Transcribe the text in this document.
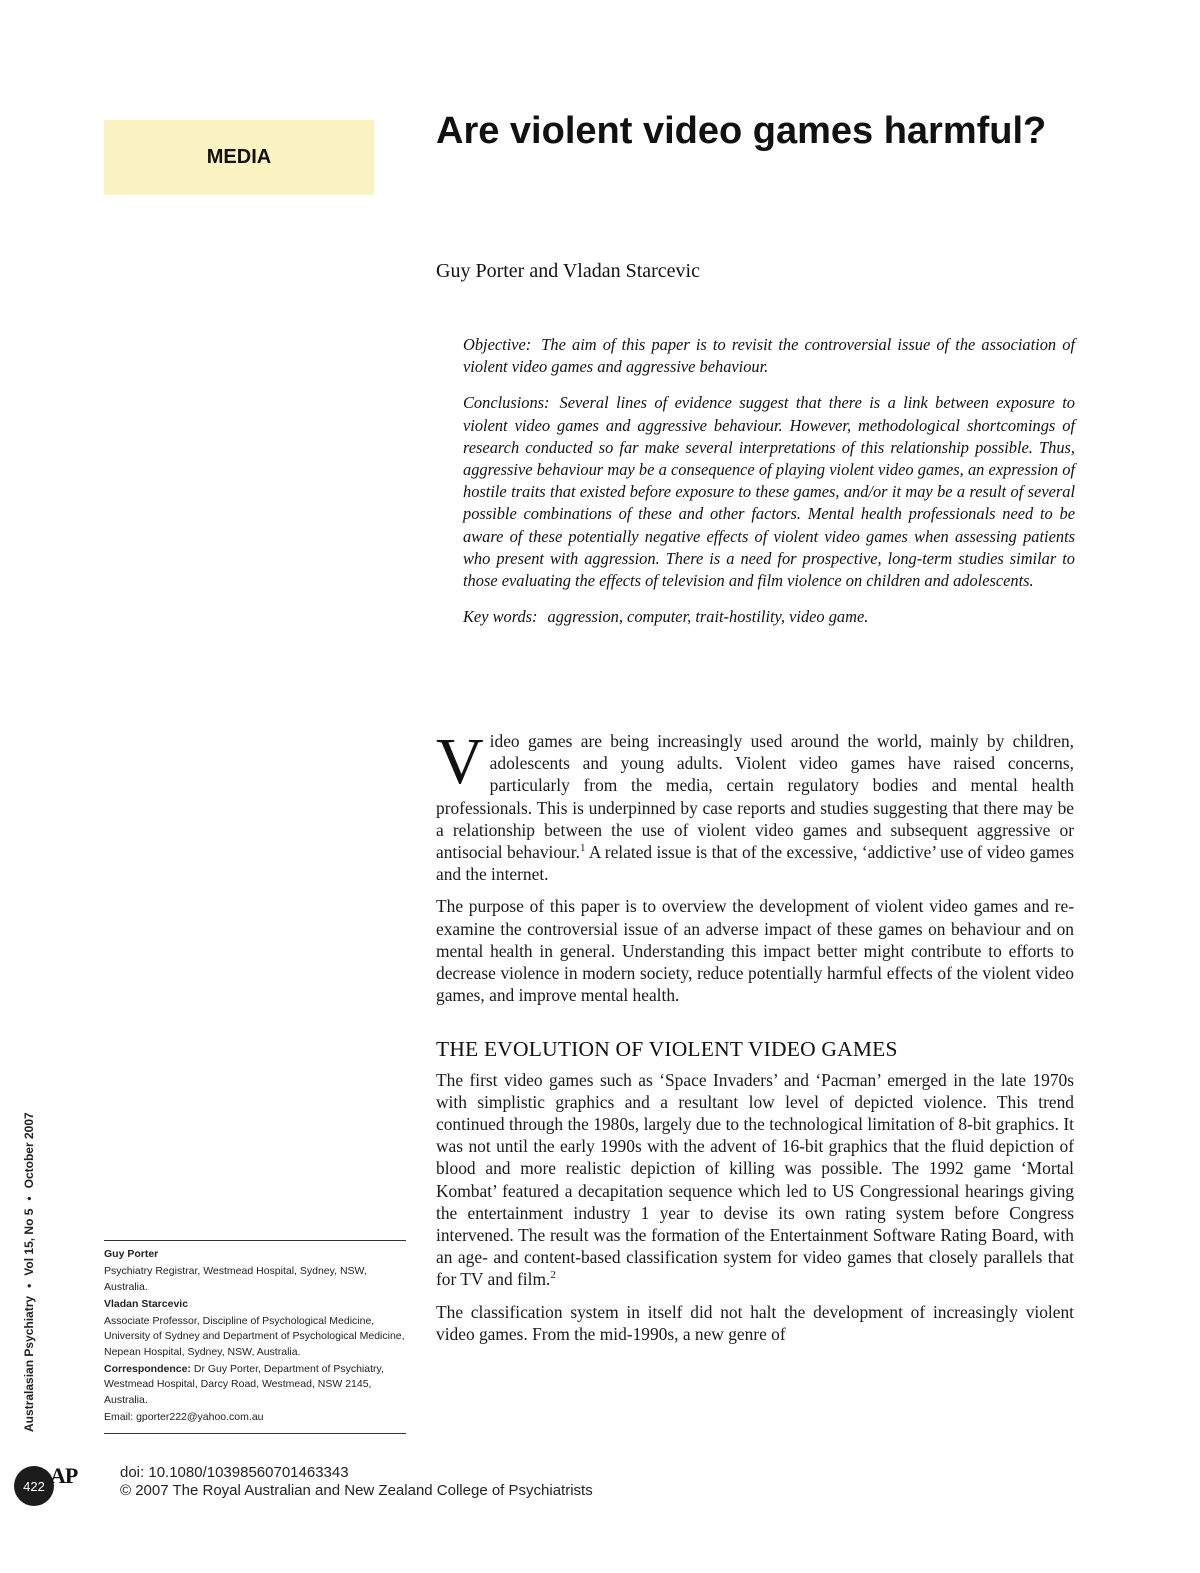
MEDIA
Are violent video games harmful?

Guy Porter and Vladan Starcevic

Objective: The aim of this paper is to revisit the controversial issue of the association of violent video games and aggressive behaviour.

Conclusions: Several lines of evidence suggest that there is a link between exposure to violent video games and aggressive behaviour. However, methodological shortcomings of research conducted so far make several interpretations of this relationship possible. Thus, aggressive behaviour may be a consequence of playing violent video games, an expression of hostile traits that existed before exposure to these games, and/or it may be a result of several possible combinations of these and other factors. Mental health professionals need to be aware of these potentially negative effects of violent video games when assessing patients who present with aggression. There is a need for prospective, long-term studies similar to those evaluating the effects of television and film violence on children and adolescents.

Key words: aggression, computer, trait-hostility, video game.

Video games are being increasingly used around the world, mainly by children, adolescents and young adults. Violent video games have raised concerns, particularly from the media, certain regulatory bodies and mental health professionals. This is underpinned by case reports and studies suggesting that there may be a relationship between the use of violent video games and subsequent aggressive or antisocial behaviour.$^1$ A related issue is that of the excessive, ‘addictive’ use of video games and the internet.

The purpose of this paper is to overview the development of violent video games and re-examine the controversial issue of an adverse impact of these games on behaviour and on mental health in general. Understanding this impact better might contribute to efforts to decrease violence in modern society, reduce potentially harmful effects of the violent video games, and improve mental health.

THE EVOLUTION OF VIOLENT VIDEO GAMES

The first video games such as ‘Space Invaders’ and ‘Pacman’ emerged in the late 1970s with simplistic graphics and a resultant low level of depicted violence. This trend continued through the 1980s, largely due to the technological limitation of 8-bit graphics. It was not until the early 1990s with the advent of 16-bit graphics that the fluid depiction of blood and more realistic depiction of killing was possible. The 1992 game ‘Mortal Kombat’ featured a decapitation sequence which led to US Congressional hearings giving the entertainment industry 1 year to devise its own rating system before Congress intervened. The result was the formation of the Entertainment Software Rating Board, with an age- and content-based classification system for video games that closely parallels that for TV and film.$^2$

The classification system in itself did not halt the development of increasingly violent video games. From the mid-1990s, a new genre of

Australasian Psychiatry•Vol 15, No 5•October 2007

Guy Porter

Psychiatry Registrar, Westmead Hospital, Sydney, NSW, Australia.

Vladan Starcevic

Associate Professor, Discipline of Psychological Medicine, University of Sydney and Department of Psychological Medicine, Nepean Hospital, Sydney, NSW, Australia.

Correspondence: Dr Guy Porter, Department of Psychiatry, Westmead Hospital, Darcy Road, Westmead, NSW 2145, Australia.

Email: gporter222@yahoo.com.au

422 AP	doi: 10.1080/10398560701463343
© 2007 The Royal Australian and New Zealand College of Psychiatrists
